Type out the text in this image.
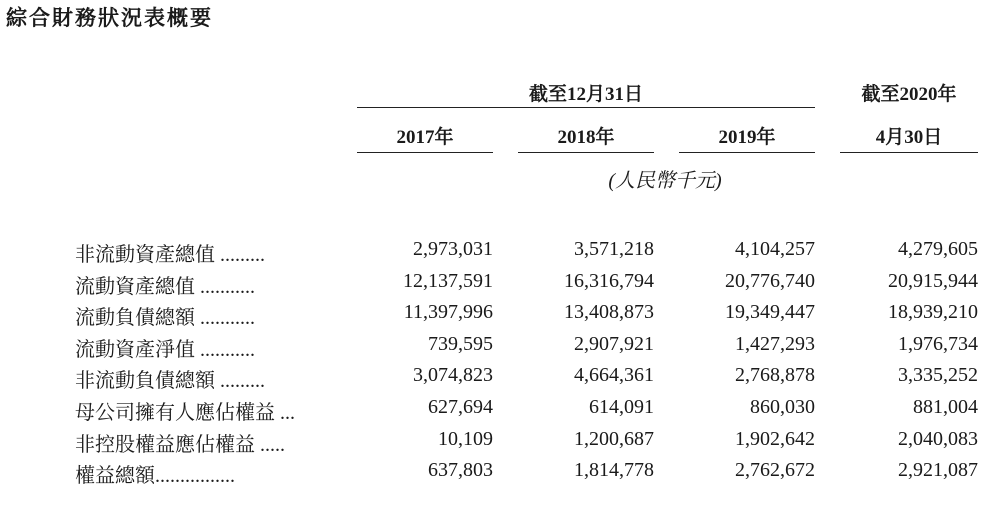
綜合財務狀況表概要
截至12月31日	截至2020年
2017年	2018年	2019年	4月30日
(人民幣千元)
非流動資產總值 .........	2,973,031	3,571,218	4,104,257	4,279,605
流動資產總值 ...........	12,137,591	16,316,794	20,776,740	20,915,944
流動負債總額 ...........	11,397,996	13,408,873	19,349,447	18,939,210
流動資產淨值 ...........	739,595	2,907,921	1,427,293	1,976,734
非流動負債總額 .........	3,074,823	4,664,361	2,768,878	3,335,252
母公司擁有人應佔權益 ...	627,694	614,091	860,030	881,004
非控股權益應佔權益 .....	10,109	1,200,687	1,902,642	2,040,083
權益總額................	637,803	1,814,778	2,762,672	2,921,087
